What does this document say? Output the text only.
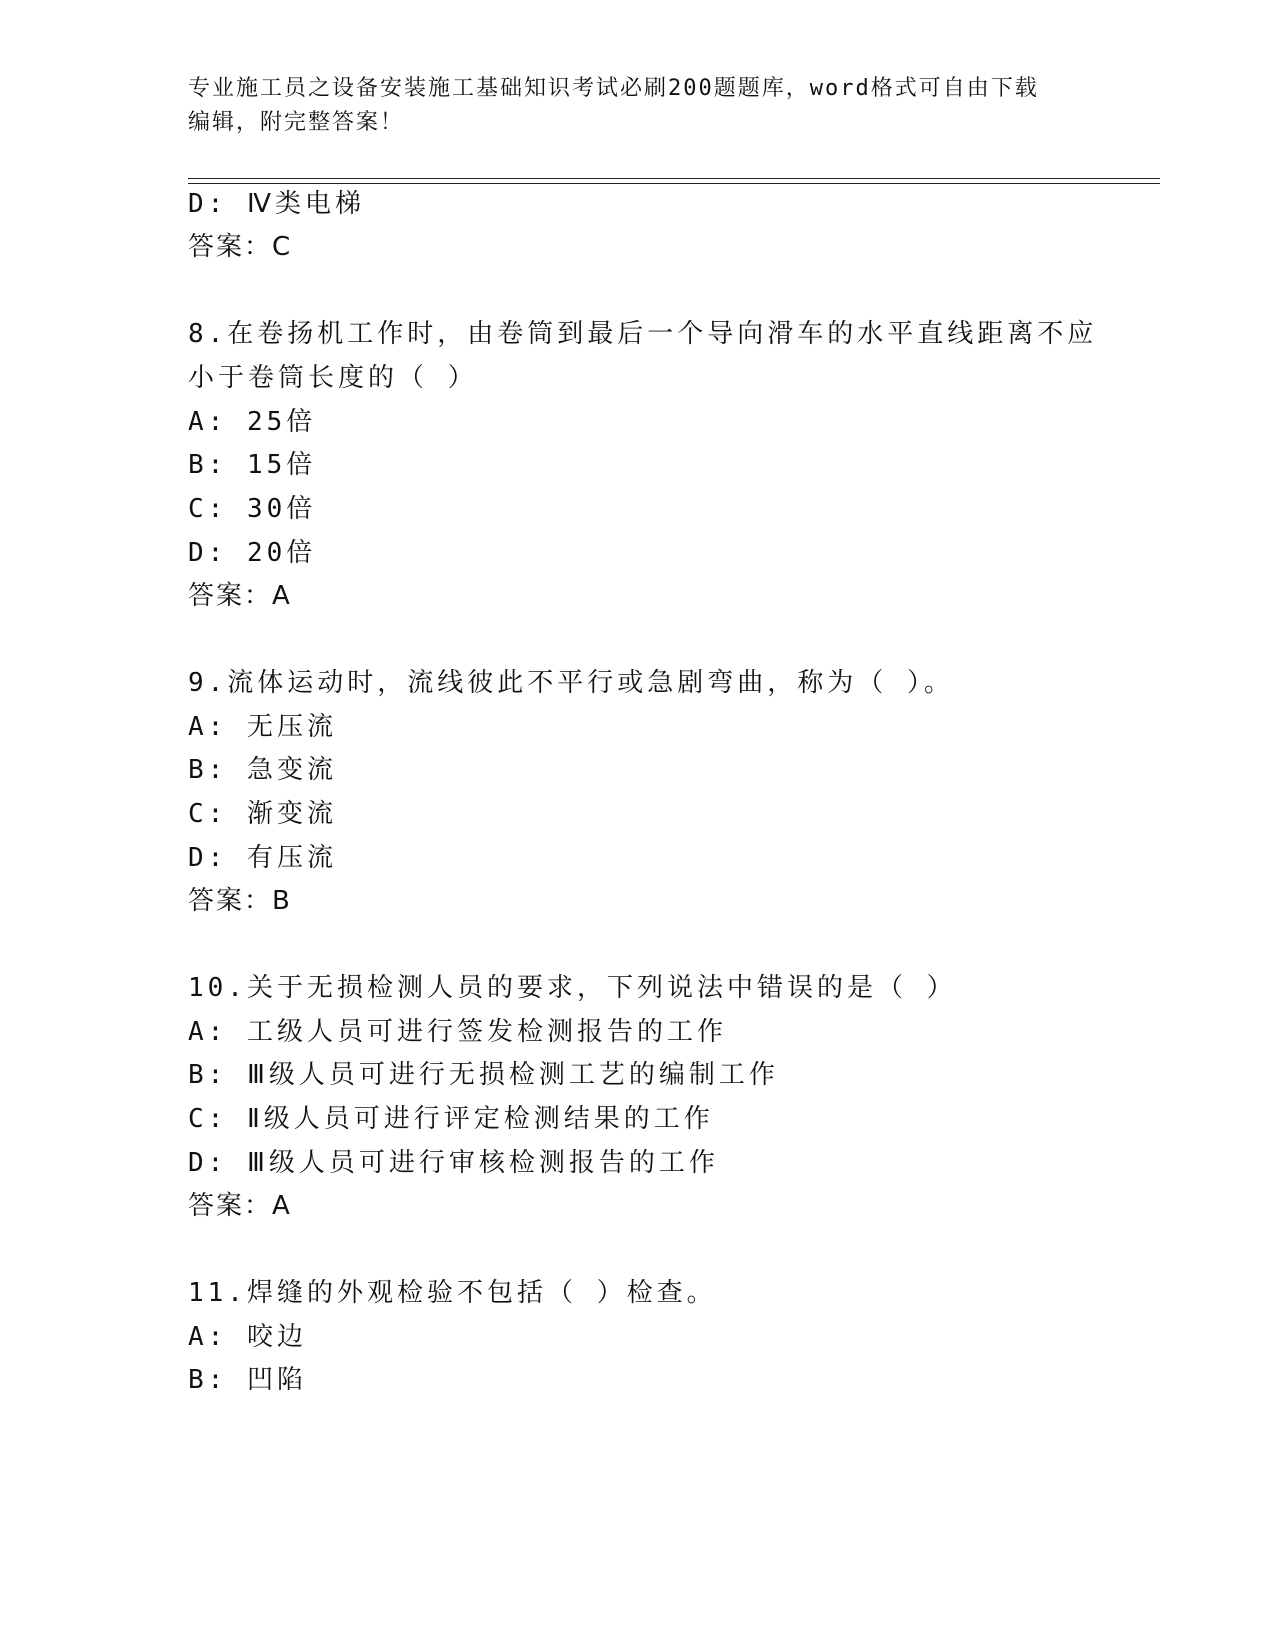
专业施工员之设备安装施工基础知识考试必刷200题题库，word格式可自由下载
编辑，附完整答案！
D: Ⅳ类电梯
答案：C
8.在卷扬机工作时，由卷筒到最后一个导向滑车的水平直线距离不应
小于卷筒长度的（ ）
A: 25倍
B: 15倍
C: 30倍
D: 20倍
答案：A
9.流体运动时，流线彼此不平行或急剧弯曲，称为（ ）。
A: 无压流
B: 急变流
C: 渐变流
D: 有压流
答案：B
10.关于无损检测人员的要求，下列说法中错误的是（ ）
A: 工级人员可进行签发检测报告的工作
B: Ⅲ级人员可进行无损检测工艺的编制工作
C: Ⅱ级人员可进行评定检测结果的工作
D: Ⅲ级人员可进行审核检测报告的工作
答案：A
11.焊缝的外观检验不包括（ ）检查。
A: 咬边
B: 凹陷
